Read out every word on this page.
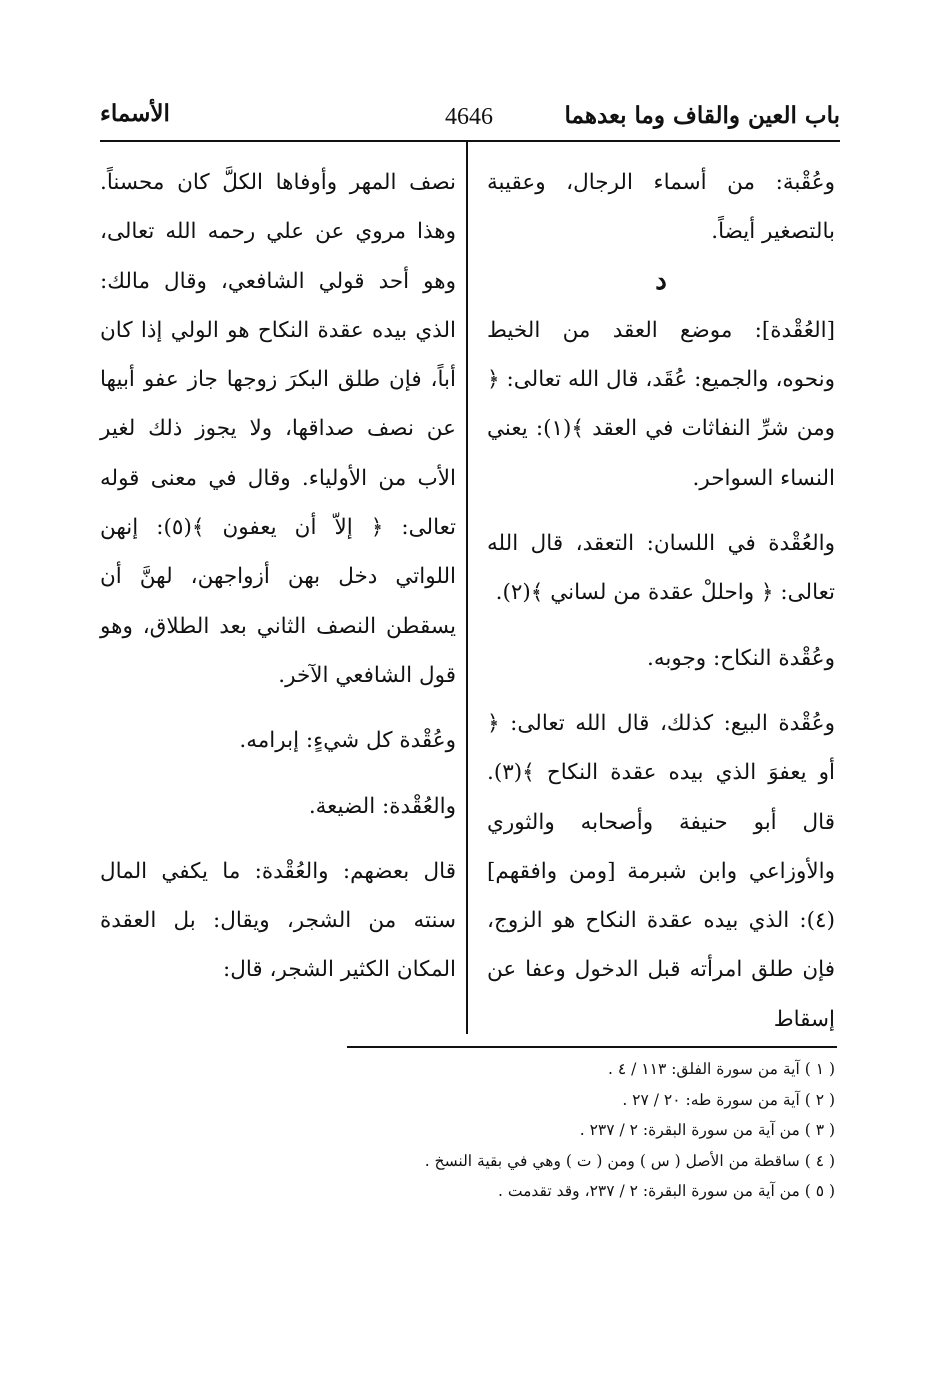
باب العين والقاف وما بعدهما
4646
الأسماء

وعُقْبة: من أسماء الرجال، وعقيبة بالتصغير أيضاً.

د

[العُقْدة]: موضع العقد من الخيط ونحوه، والجميع: عُقَد، قال الله تعالى: ﴿ ومن شرِّ النفاثات في العقد ﴾(١): يعني النساء السواحر.

والعُقْدة في اللسان: التعقد، قال الله تعالى: ﴿ واحللْ عقدة من لساني ﴾(٢).

وعُقْدة النكاح: وجوبه.

وعُقْدة البيع: كذلك، قال الله تعالى: ﴿ أو يعفوَ الذي بيده عقدة النكاح ﴾(٣). قال أبو حنيفة وأصحابه والثوري والأوزاعي وابن شبرمة [ومن وافقهم](٤): الذي بيده عقدة النكاح هو الزوج، فإن طلق امرأته قبل الدخول وعفا عن إسقاط

نصف المهر وأوفاها الكلَّ كان محسناً. وهذا مروي عن علي رحمه الله تعالى، وهو أحد قولي الشافعي، وقال مالك: الذي بيده عقدة النكاح هو الولي إذا كان أباً، فإن طلق البكرَ زوجها جاز عفو أبيها عن نصف صداقها، ولا يجوز ذلك لغير الأب من الأولياء. وقال في معنى قوله تعالى: ﴿ إلاّ أن يعفون ﴾(٥): إنهن اللواتي دخل بهن أزواجهن، لهنَّ أن يسقطن النصف الثاني بعد الطلاق، وهو قول الشافعي الآخر.

وعُقْدة كل شيءٍ: إبرامه.

والعُقْدة: الضيعة.

قال بعضهم: والعُقْدة: ما يكفي المال سنته من الشجر، ويقال: بل العقدة المكان الكثير الشجر، قال:

( ١ ) آية من سورة الفلق: ١١٣ / ٤ .

( ٢ ) آية من سورة طه: ٢٠ / ٢٧ .

( ٣ ) من آية من سورة البقرة: ٢ / ٢٣٧ .

( ٤ ) ساقطة من الأصل ( س ) ومن ( ت ) وهي في بقية النسخ .

( ٥ ) من آية من سورة البقرة: ٢ / ٢٣٧، وقد تقدمت .
